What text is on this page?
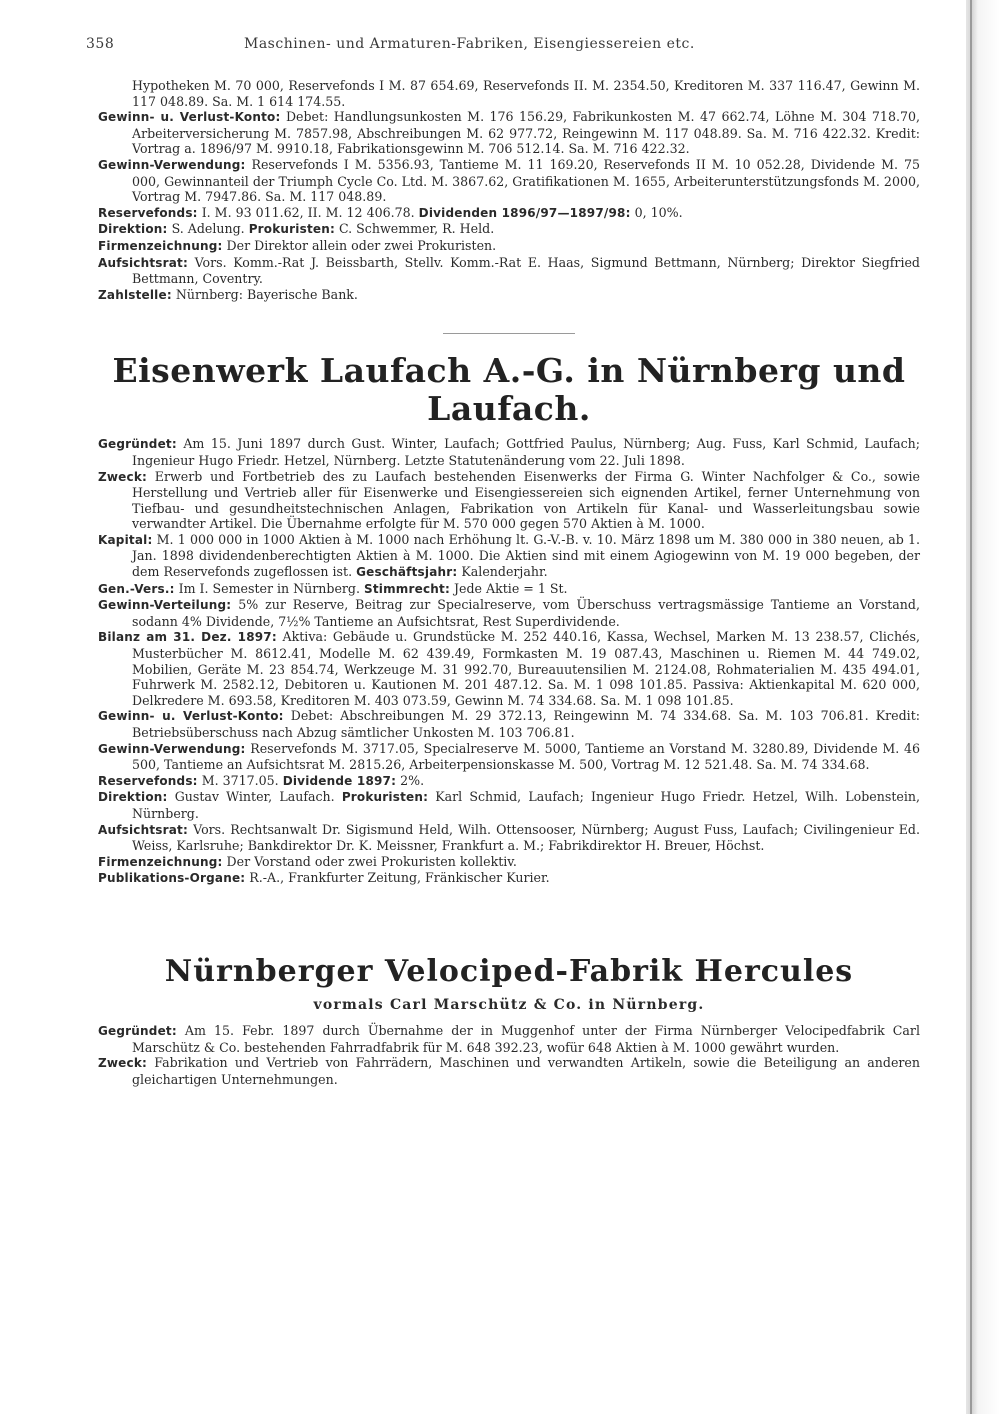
358	Maschinen- und Armaturen-Fabriken, Eisengiessereien etc.

Hypotheken M. 70 000, Reservefonds I M. 87 654.69, Reservefonds II. M. 2354.50, Kreditoren M. 337 116.47, Gewinn M. 117 048.89. Sa. M. 1 614 174.55.

Gewinn- u. Verlust-Konto: Debet: Handlungsunkosten M. 176 156.29, Fabrikunkosten M. 47 662.74, Löhne M. 304 718.70, Arbeiterversicherung M. 7857.98, Abschreibungen M. 62 977.72, Reingewinn M. 117 048.89. Sa. M. 716 422.32. Kredit: Vortrag a. 1896/97 M. 9910.18, Fabrikationsgewinn M. 706 512.14. Sa. M. 716 422.32.

Gewinn-Verwendung: Reservefonds I M. 5356.93, Tantieme M. 11 169.20, Reservefonds II M. 10 052.28, Dividende M. 75 000, Gewinnanteil der Triumph Cycle Co. Ltd. M. 3867.62, Gratifikationen M. 1655, Arbeiterunterstützungsfonds M. 2000, Vortrag M. 7947.86. Sa. M. 117 048.89.

Reservefonds: I. M. 93 011.62, II. M. 12 406.78. Dividenden 1896/97—1897/98: 0, 10%.

Direktion: S. Adelung. Prokuristen: C. Schwemmer, R. Held.

Firmenzeichnung: Der Direktor allein oder zwei Prokuristen.

Aufsichtsrat: Vors. Komm.-Rat J. Beissbarth, Stellv. Komm.-Rat E. Haas, Sigmund Bettmann, Nürnberg; Direktor Siegfried Bettmann, Coventry.

Zahlstelle: Nürnberg: Bayerische Bank.

Eisenwerk Laufach A.-G. in Nürnberg und Laufach.

Gegründet: Am 15. Juni 1897 durch Gust. Winter, Laufach; Gottfried Paulus, Nürnberg; Aug. Fuss, Karl Schmid, Laufach; Ingenieur Hugo Friedr. Hetzel, Nürnberg. Letzte Statutenänderung vom 22. Juli 1898.

Zweck: Erwerb und Fortbetrieb des zu Laufach bestehenden Eisenwerks der Firma G. Winter Nachfolger & Co., sowie Herstellung und Vertrieb aller für Eisenwerke und Eisengiessereien sich eignenden Artikel, ferner Unternehmung von Tiefbau- und gesundheitstechnischen Anlagen, Fabrikation von Artikeln für Kanal- und Wasserleitungsbau sowie verwandter Artikel. Die Übernahme erfolgte für M. 570 000 gegen 570 Aktien à M. 1000.

Kapital: M. 1 000 000 in 1000 Aktien à M. 1000 nach Erhöhung lt. G.-V.-B. v. 10. März 1898 um M. 380 000 in 380 neuen, ab 1. Jan. 1898 dividendenberechtigten Aktien à M. 1000. Die Aktien sind mit einem Agiogewinn von M. 19 000 begeben, der dem Reservefonds zugeflossen ist. Geschäftsjahr: Kalenderjahr.

Gen.-Vers.: Im I. Semester in Nürnberg. Stimmrecht: Jede Aktie = 1 St.

Gewinn-Verteilung: 5% zur Reserve, Beitrag zur Specialreserve, vom Überschuss vertragsmässige Tantieme an Vorstand, sodann 4% Dividende, 7½% Tantieme an Aufsichtsrat, Rest Superdividende.

Bilanz am 31. Dez. 1897: Aktiva: Gebäude u. Grundstücke M. 252 440.16, Kassa, Wechsel, Marken M. 13 238.57, Clichés, Musterbücher M. 8612.41, Modelle M. 62 439.49, Formkasten M. 19 087.43, Maschinen u. Riemen M. 44 749.02, Mobilien, Geräte M. 23 854.74, Werkzeuge M. 31 992.70, Bureauutensilien M. 2124.08, Rohmaterialien M. 435 494.01, Fuhrwerk M. 2582.12, Debitoren u. Kautionen M. 201 487.12. Sa. M. 1 098 101.85. Passiva: Aktienkapital M. 620 000, Delkredere M. 693.58, Kreditoren M. 403 073.59, Gewinn M. 74 334.68. Sa. M. 1 098 101.85.

Gewinn- u. Verlust-Konto: Debet: Abschreibungen M. 29 372.13, Reingewinn M. 74 334.68. Sa. M. 103 706.81. Kredit: Betriebsüberschuss nach Abzug sämtlicher Unkosten M. 103 706.81.

Gewinn-Verwendung: Reservefonds M. 3717.05, Specialreserve M. 5000, Tantieme an Vorstand M. 3280.89, Dividende M. 46 500, Tantieme an Aufsichtsrat M. 2815.26, Arbeiterpensionskasse M. 500, Vortrag M. 12 521.48. Sa. M. 74 334.68.

Reservefonds: M. 3717.05. Dividende 1897: 2%.

Direktion: Gustav Winter, Laufach. Prokuristen: Karl Schmid, Laufach; Ingenieur Hugo Friedr. Hetzel, Wilh. Lobenstein, Nürnberg.

Aufsichtsrat: Vors. Rechtsanwalt Dr. Sigismund Held, Wilh. Ottensooser, Nürnberg; August Fuss, Laufach; Civilingenieur Ed. Weiss, Karlsruhe; Bankdirektor Dr. K. Meissner, Frankfurt a. M.; Fabrikdirektor H. Breuer, Höchst.

Firmenzeichnung: Der Vorstand oder zwei Prokuristen kollektiv.

Publikations-Organe: R.-A., Frankfurter Zeitung, Fränkischer Kurier.

Nürnberger Velociped-Fabrik Hercules
vormals Carl Marschütz & Co. in Nürnberg.

Gegründet: Am 15. Febr. 1897 durch Übernahme der in Muggenhof unter der Firma Nürnberger Velocipedfabrik Carl Marschütz & Co. bestehenden Fahrradfabrik für M. 648 392.23, wofür 648 Aktien à M. 1000 gewährt wurden.

Zweck: Fabrikation und Vertrieb von Fahrrädern, Maschinen und verwandten Artikeln, sowie die Beteiligung an anderen gleichartigen Unternehmungen.
